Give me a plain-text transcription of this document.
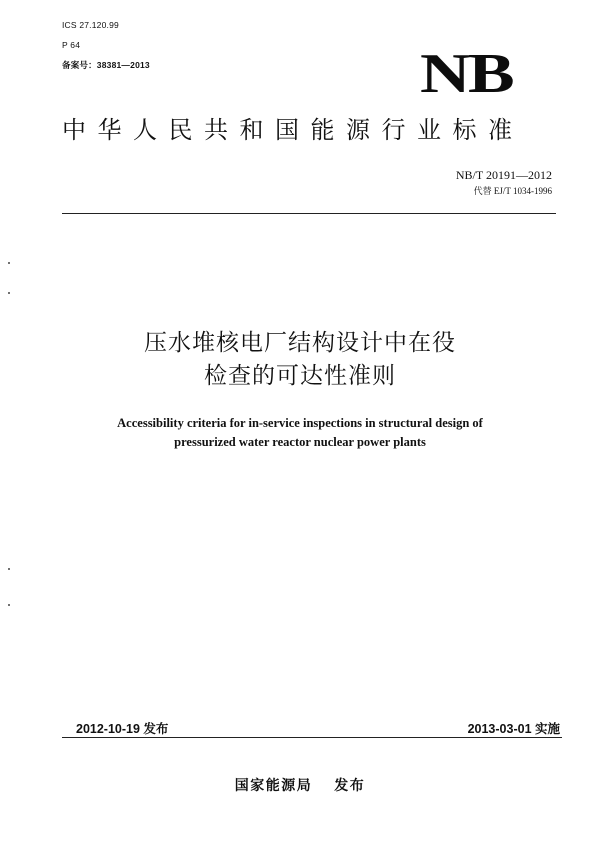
ICS 27.120.99
P 64
备案号：38381—2013	NB
中华人民共和国能源行业标准
NB/T 20191—2012
代替 EJ/T 1034-1996
压水堆核电厂结构设计中在役
检查的可达性准则
Accessibility criteria for in-service inspections in structural design of
pressurized water reactor nuclear power plants
2012-10-19 发布	2013-03-01 实施
国家能源局 发布
